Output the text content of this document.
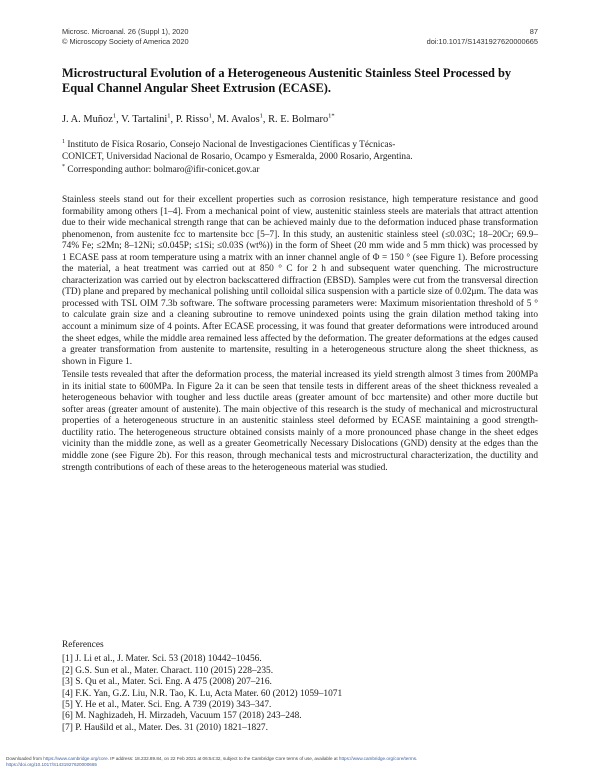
Microsc. Microanal. 26 (Suppl 1), 2020
© Microscopy Society of America 2020
87
doi:10.1017/S1431927620000665
Microstructural Evolution of a Heterogeneous Austenitic Stainless Steel Processed by Equal Channel Angular Sheet Extrusion (ECASE).
J. A. Muñoz$^1$, V. Tartalini$^1$, P. Risso$^1$, M. Avalos$^1$, R. E. Bolmaro$^{1*}$
$^1$ Instituto de Física Rosario, Consejo Nacional de Investigaciones Científicas y Técnicas-
CONICET, Universidad Nacional de Rosario, Ocampo y Esmeralda, 2000 Rosario, Argentina.
* Corresponding author: bolmaro@ifir-conicet.gov.ar

Stainless steels stand out for their excellent properties such as corrosion resistance, high temperature resistance and good formability among others [1–4]. From a mechanical point of view, austenitic stainless steels are materials that attract attention due to their wide mechanical strength range that can be achieved mainly due to the deformation induced phase transformation phenomenon, from austenite fcc to martensite bcc [5–7]. In this study, an austenitic stainless steel (≤0.03C; 18–20Cr; 69.9–74% Fe; ≤2Mn; 8–12Ni; ≤0.045P; ≤1Si; ≤0.03S (wt%)) in the form of Sheet (20 mm wide and 5 mm thick) was processed by 1 ECASE pass at room temperature using a matrix with an inner channel angle of Φ = 150 ° (see Figure 1). Before processing the material, a heat treatment was carried out at 850 ° C for 2 h and subsequent water quenching. The microstructure characterization was carried out by electron backscattered diffraction (EBSD). Samples were cut from the transversal direction (TD) plane and prepared by mechanical polishing until colloidal silica suspension with a particle size of 0.02μm. The data was processed with TSL OIM 7.3b software. The software processing parameters were: Maximum misorientation threshold of 5 ° to calculate grain size and a cleaning subroutine to remove unindexed points using the grain dilation method taking into account a minimum size of 4 points. After ECASE processing, it was found that greater deformations were introduced around the sheet edges, while the middle area remained less affected by the deformation. The greater deformations at the edges caused a greater transformation from austenite to martensite, resulting in a heterogeneous structure along the sheet thickness, as shown in Figure 1.

Tensile tests revealed that after the deformation process, the material increased its yield strength almost 3 times from 200MPa in its initial state to 600MPa. In Figure 2a it can be seen that tensile tests in different areas of the sheet thickness revealed a heterogeneous behavior with tougher and less ductile areas (greater amount of bcc martensite) and other more ductile but softer areas (greater amount of austenite). The main objective of this research is the study of mechanical and microstructural properties of a heterogeneous structure in an austenitic stainless steel deformed by ECASE maintaining a good strength-ductility ratio. The heterogeneous structure obtained consists mainly of a more pronounced phase change in the sheet edges vicinity than the middle zone, as well as a greater Geometrically Necessary Dislocations (GND) density at the edges than the middle zone (see Figure 2b). For this reason, through mechanical tests and microstructural characterization, the ductility and strength contributions of each of these areas to the heterogeneous material was studied.

References
[1] J. Li et al., J. Mater. Sci. 53 (2018) 10442–10456.
[2] G.S. Sun et al., Mater. Charact. 110 (2015) 228–235.
[3] S. Qu et al., Mater. Sci. Eng. A 475 (2008) 207–216.
[4] F.K. Yan, G.Z. Liu, N.R. Tao, K. Lu, Acta Mater. 60 (2012) 1059–1071
[5] Y. He et al., Mater. Sci. Eng. A 739 (2019) 343–347.
[6] M. Naghizadeh, H. Mirzadeh, Vacuum 157 (2018) 243–248.
[7] P. Haušild et al., Mater. Des. 31 (2010) 1821–1827.
Downloaded from https://www.cambridge.org/core. IP address: 18.232.89.84, on 22 Feb 2021 at 06:54:32, subject to the Cambridge Core terms of use, available at https://www.cambridge.org/core/terms.
https://doi.org/10.1017/S1431927620000665
